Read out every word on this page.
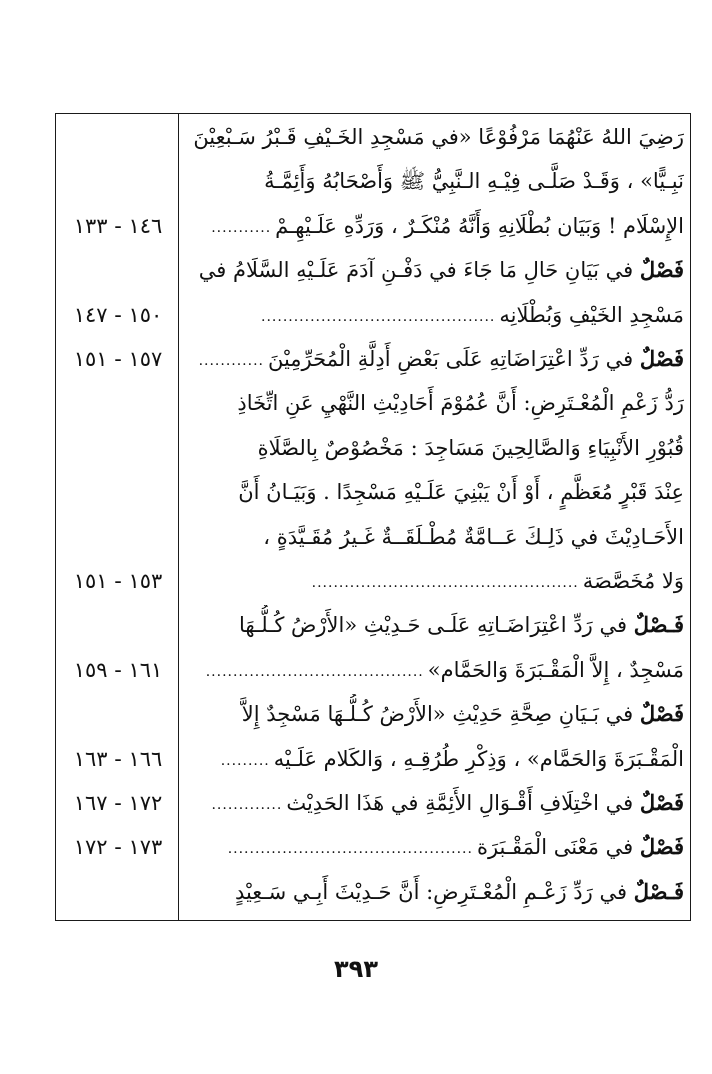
رَضِيَ اللهُ عَنْهُمَا مَرْفُوْعًا «في مَسْجِدِ الخَـيْفِ قَـبْرُ سَـبْعِيْنَ
نَبِـيًّا» ، وَقَـدْ صَلَّـى فِيْـهِ الـنَّبِيُّ ﷺ وَأَصْحَابُهُ وَأَئِمَّـةُ
الإِسْلَام ! وَبَيَان بُطْلَانِهِ وَأَنَّهُ مُنْكَـرٌ ، وَرَدِّهِ عَلَـيْهِـمْ...........
١٤٦ - ١٣٣
فَصْلٌ في بَيَانِ حَالِ مَا جَاءَ في دَفْـنِ آدَمَ عَلَـيْهِ السَّلَامُ في
مَسْجِدِ الخَيْفِ وَبُطْلَانِه...........................................
١٥٠ - ١٤٧
فَصْلٌ في رَدِّ اعْتِرَاضَاتِهِ عَلَى بَعْضِ أَدِلَّةِ الْمُحَرِّمِيْنَ............
١٥٧ - ١٥١
رَدُّ زَعْمِ الْمُعْـتَرِضِ: أَنَّ عُمُوْمَ أَحَادِيْثِ النَّهْيِ عَنِ اتِّخَاذِ
قُبُوْرِ الأَنْبِيَاءِ وَالصَّالِحِينَ مَسَاجِدَ : مَخْصُوْصٌ بِالصَّلَاةِ
عِنْدَ قَبْرٍ مُعَظَّمٍ ، أَوْ أَنْ يَبْنِيَ عَلَـيْهِ مَسْجِدًا . وَبَيَـانُ أَنَّ
الأَحَـادِيْثَ في ذَلِـكَ عَــامَّةٌ مُطْـلَقَــةٌ غَـيرُ مُقَـيَّدَةٍ ،
وَلا مُخَصَّصَة.................................................
١٥٣ - ١٥١
فَـصْلٌ في رَدِّ اعْتِرَاضَـاتِهِ عَلَـى حَـدِيْثِ «الأَرْضُ كُـلُّـهَا
مَسْجِدٌ ، إِلاَّ الْمَقْـبَرَةَ وَالحَمَّام»........................................
١٦١ - ١٥٩
فَصْلٌ في بَـيَانِ صِحَّةِ حَدِيْثِ «الأَرْضُ كُـلُّـهَا مَسْجِدٌ إِلاَّ
الْمَقْـبَرَةَ وَالحَمَّام» ، وَذِكْرِ طُرُقِـهِ ، وَالكَلام عَلَـيْه.........
١٦٦ - ١٦٣
فَصْلٌ في اخْتِلَافِ أَقْـوَالِ الأَئِمَّةِ في هَذَا الحَدِيْث.............
١٧٢ - ١٦٧
فَصْلٌ في مَعْنَى الْمَقْـبَرَة.............................................
١٧٣ - ١٧٢
فَـصْلٌ في رَدِّ زَعْـمِ الْمُعْـتَرِضِ: أَنَّ حَـدِيْثَ أَبِـي سَـعِيْدٍ
٣٩٣
